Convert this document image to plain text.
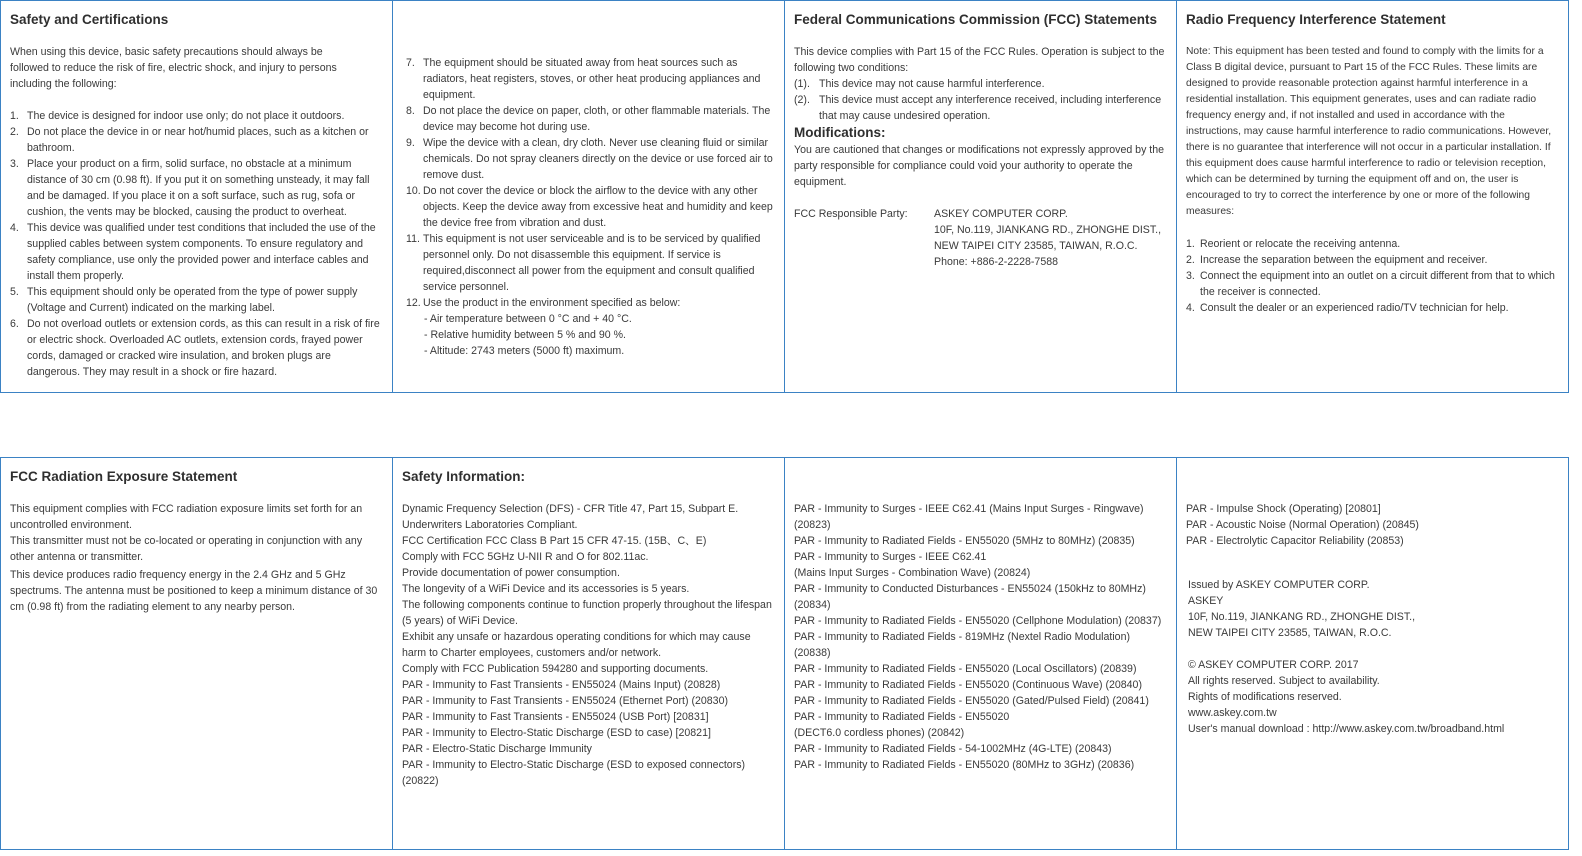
Safety and Certifications

When using this device, basic safety precautions should always be followed to reduce the risk of fire, electric shock, and injury to persons including the following:

1. The device is designed for indoor use only; do not place it outdoors.
2. Do not place the device in or near hot/humid places, such as a kitchen or bathroom.
3. Place your product on a firm, solid surface, no obstacle at a minimum distance of 30 cm (0.98 ft). If you put it on something unsteady, it may fall and be damaged. If you place it on a soft surface, such as rug, sofa or cushion, the vents may be blocked, causing the product to overheat.
4. This device was qualified under test conditions that included the use of the supplied cables between system components. To ensure regulatory and safety compliance, use only the provided power and interface cables and install them properly.
5. This equipment should only be operated from the type of power supply (Voltage and Current) indicated on the marking label.
6. Do not overload outlets or extension cords, as this can result in a risk of fire or electric shock. Overloaded AC outlets, extension cords, frayed power cords, damaged or cracked wire insulation, and broken plugs are dangerous. They may result in a shock or fire hazard.
7. The equipment should be situated away from heat sources such as radiators, heat registers, stoves, or other heat producing appliances and equipment.
8. Do not place the device on paper, cloth, or other flammable materials. The device may become hot during use.
9. Wipe the device with a clean, dry cloth. Never use cleaning fluid or similar chemicals. Do not spray cleaners directly on the device or use forced air to remove dust.
10. Do not cover the device or block the airflow to the device with any other objects. Keep the device away from excessive heat and humidity and keep the device free from vibration and dust.
11. This equipment is not user serviceable and is to be serviced by qualified personnel only. Do not disassemble this equipment. If service is required,disconnect all power from the equipment and consult qualified service personnel.
12. Use the product in the environment specified as below:

- Air temperature between 0 °C and + 40 °C.

- Relative humidity between 5 % and 90 %.

- Altitude: 2743 meters (5000 ft) maximum.

Federal Communications Commission (FCC) Statements

This device complies with Part 15 of the FCC Rules. Operation is subject to the following two conditions:

(1). This device may not cause harmful interference.
(2). This device must accept any interference received, including interference that may cause undesired operation.
Modifications:

You are cautioned that changes or modifications not expressly approved by the party responsible for compliance could void your authority to operate the equipment.

FCC Responsible Party:	ASKEY COMPUTER CORP.

10F, No.119, JIANKANG RD., ZHONGHE DIST.,

NEW TAIPEI CITY 23585, TAIWAN, R.O.C.

Phone: +886-2-2228-7588

Radio Frequency Interference Statement

Note: This equipment has been tested and found to comply with the limits for a Class B digital device, pursuant to Part 15 of the FCC Rules. These limits are designed to provide reasonable protection against harmful interference in a residential installation. This equipment generates, uses and can radiate radio frequency energy and, if not installed and used in accordance with the instructions, may cause harmful interference to radio communications. However, there is no guarantee that interference will not occur in a particular installation. If this equipment does cause harmful interference to radio or television reception, which can be determined by turning the equipment off and on, the user is encouraged to try to correct the interference by one or more of the following measures:

1. Reorient or relocate the receiving antenna.
2. Increase the separation between the equipment and receiver.
3. Connect the equipment into an outlet on a circuit different from that to which the receiver is connected.
4. Consult the dealer or an experienced radio/TV technician for help.
FCC Radiation Exposure Statement

This equipment complies with FCC radiation exposure limits set forth for an uncontrolled environment.

This transmitter must not be co-located or operating in conjunction with any other antenna or transmitter.

This device produces radio frequency energy in the 2.4 GHz and 5 GHz spectrums. The antenna must be positioned to keep a minimum distance of 30 cm (0.98 ft) from the radiating element to any nearby person.

Safety Information:

Dynamic Frequency Selection (DFS) - CFR Title 47, Part 15, Subpart E.

Underwriters Laboratories Compliant.

FCC Certification FCC Class B Part 15 CFR 47-15. (15B、C、E)

Comply with FCC 5GHz U-NII R and O for 802.11ac.

Provide documentation of power consumption.

The longevity of a WiFi Device and its accessories is 5 years.

The following components continue to function properly throughout the lifespan (5 years) of WiFi Device.

Exhibit any unsafe or hazardous operating conditions for which may cause harm to Charter employees, customers and/or network.

Comply with FCC Publication 594280 and supporting documents.

PAR - Immunity to Fast Transients - EN55024 (Mains Input) (20828)

PAR - Immunity to Fast Transients - EN55024 (Ethernet Port) (20830)

PAR - Immunity to Fast Transients - EN55024 (USB Port) [20831]

PAR - Immunity to Electro-Static Discharge (ESD to case) [20821]

PAR - Electro-Static Discharge Immunity

PAR - Immunity to Electro-Static Discharge (ESD to exposed connectors) (20822)

PAR - Immunity to Surges - IEEE C62.41 (Mains Input Surges - Ringwave) (20823)

PAR - Immunity to Radiated Fields - EN55020 (5MHz to 80MHz) (20835)

PAR - Immunity to Surges - IEEE C62.41

(Mains Input Surges - Combination Wave) (20824)

PAR - Immunity to Conducted Disturbances - EN55024 (150kHz to 80MHz) (20834)

PAR - Immunity to Radiated Fields - EN55020 (Cellphone Modulation) (20837)

PAR - Immunity to Radiated Fields - 819MHz (Nextel Radio Modulation) (20838)

PAR - Immunity to Radiated Fields - EN55020 (Local Oscillators) (20839)

PAR - Immunity to Radiated Fields - EN55020 (Continuous Wave) (20840)

PAR - Immunity to Radiated Fields - EN55020 (Gated/Pulsed Field) (20841)

PAR - Immunity to Radiated Fields - EN55020

(DECT6.0 cordless phones) (20842)

PAR - Immunity to Radiated Fields - 54-1002MHz (4G-LTE) (20843)

PAR - Immunity to Radiated Fields - EN55020 (80MHz to 3GHz) (20836)

PAR - Impulse Shock (Operating) [20801]

PAR - Acoustic Noise (Normal Operation) (20845)

PAR - Electrolytic Capacitor Reliability (20853)

Issued by ASKEY COMPUTER CORP.

ASKEY

10F, No.119, JIANKANG RD., ZHONGHE DIST.,

NEW TAIPEI CITY 23585, TAIWAN, R.O.C.

© ASKEY COMPUTER CORP. 2017

All rights reserved. Subject to availability.

Rights of modifications reserved.

www.askey.com.tw

User's manual download : http://www.askey.com.tw/broadband.html
